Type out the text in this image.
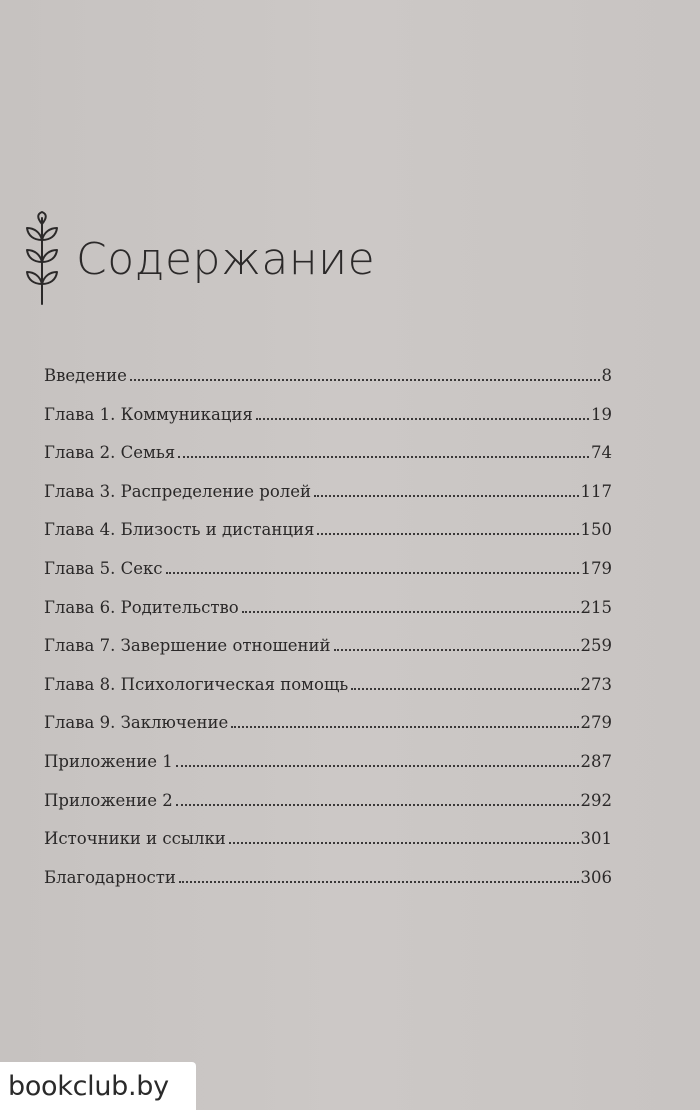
Содержание
Введение	8
Глава 1. Коммуникация	19
Глава 2. Семья	74
Глава 3. Распределение ролей	117
Глава 4. Близость и дистанция	150
Глава 5. Секс	179
Глава 6. Родительство	215
Глава 7. Завершение отношений	259
Глава 8. Психологическая помощь	273
Глава 9. Заключение	279
Приложение 1	287
Приложение 2	292
Источники и ссылки	301
Благодарности	306
bookclub.by
